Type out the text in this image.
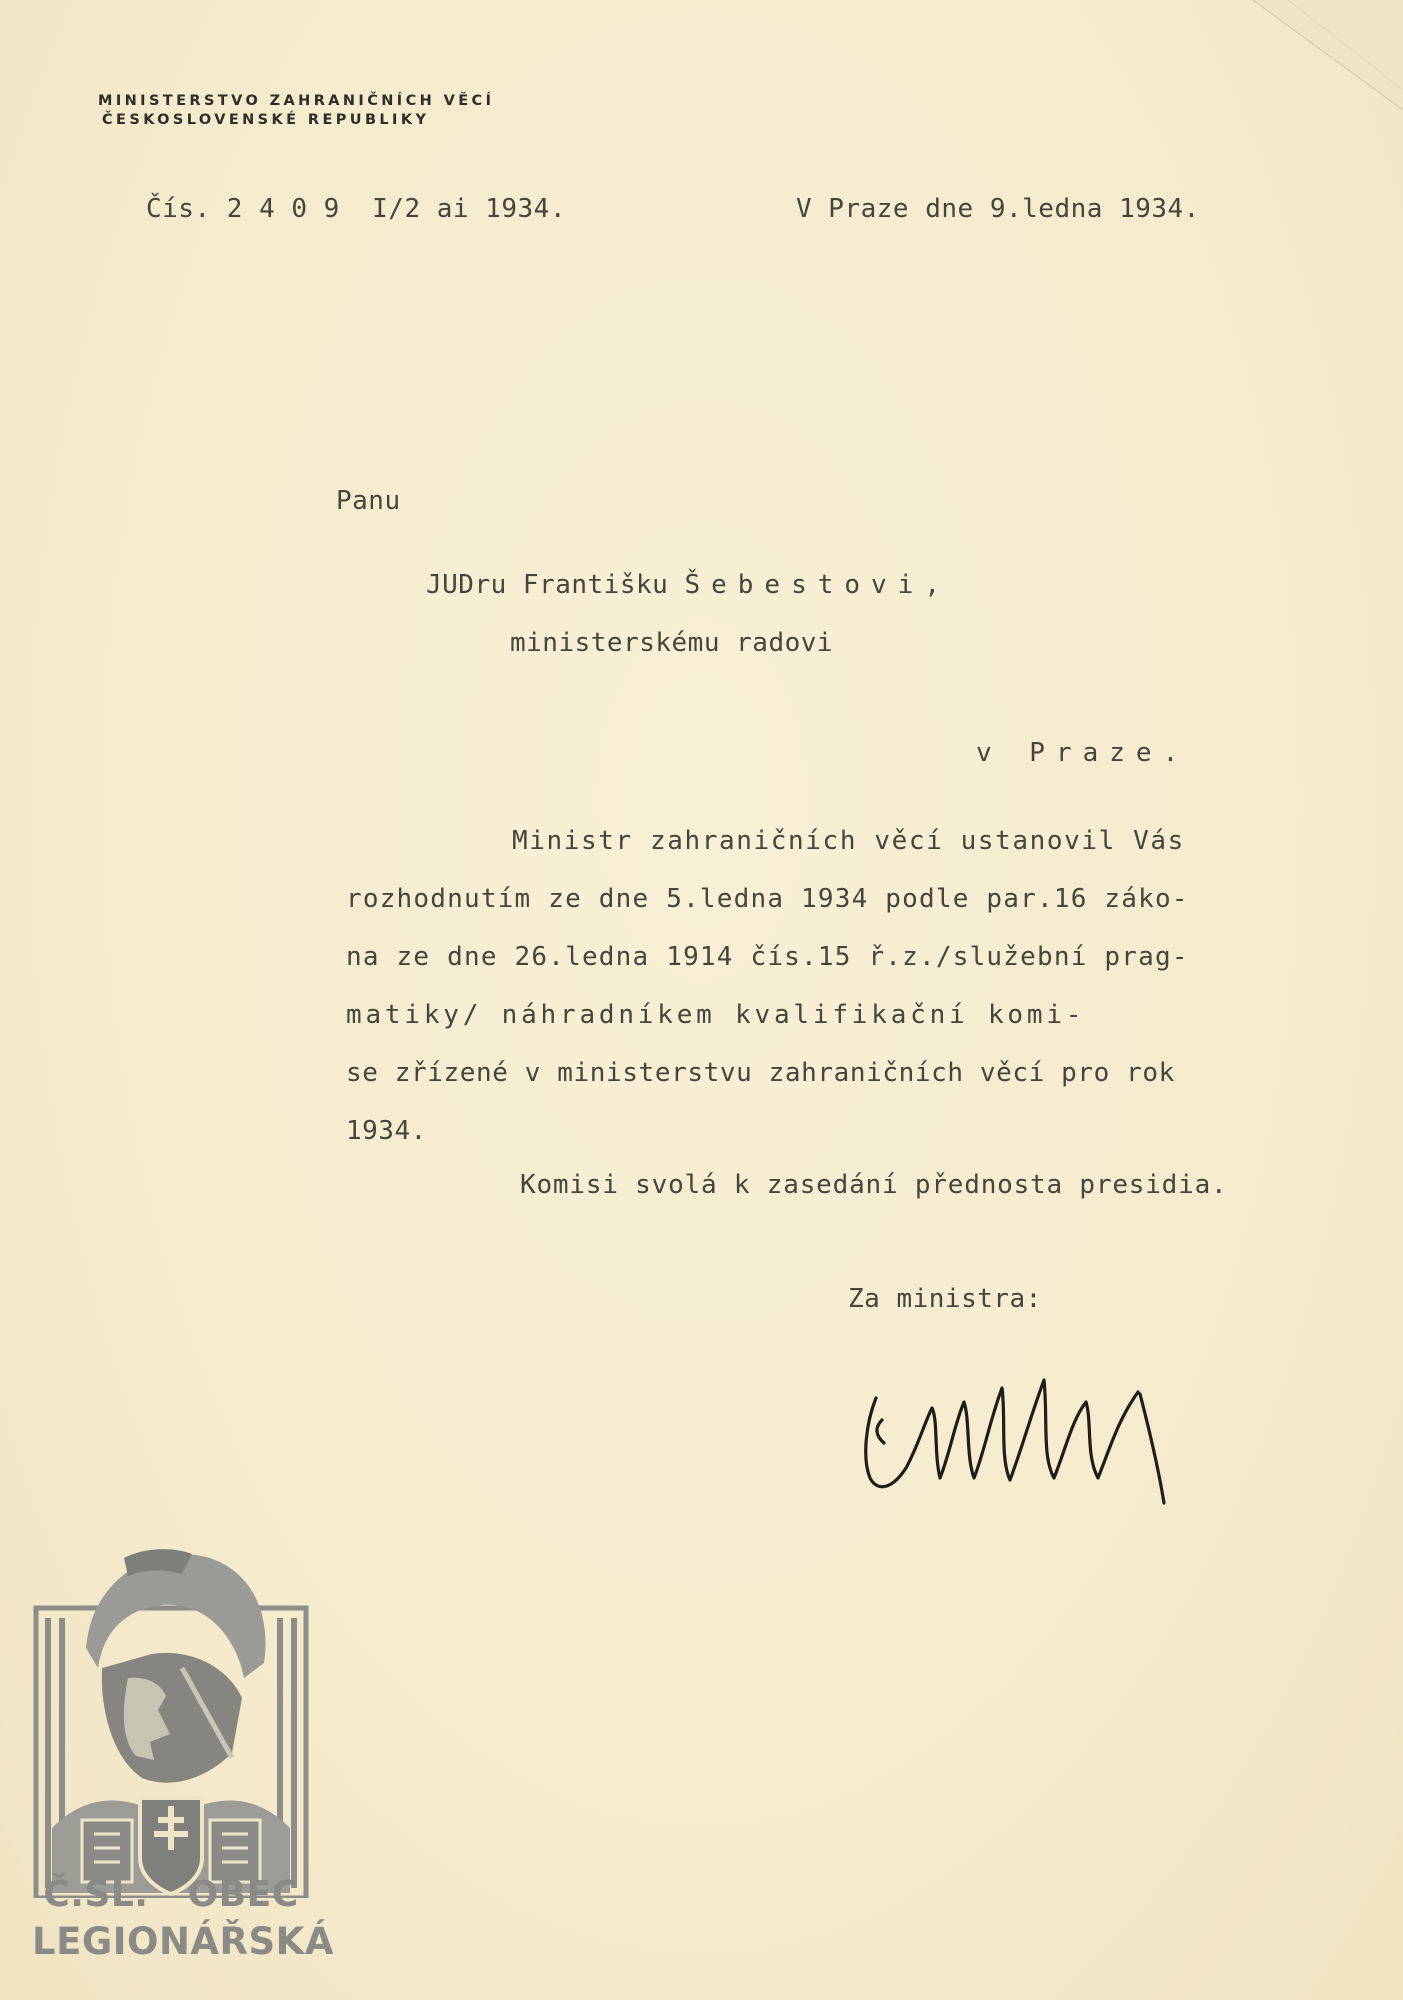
MINISTERSTVO ZAHRANIČNÍCH VĚCÍ
ČESKOSLOVENSKÉ REPUBLIKY
Čís. 2 4 0 9  I/2 ai 1934.	V Praze dne 9.ledna 1934.
Panu
JUDru Františku Šebestovi,
ministerskému radovi
v Praze.
Ministr zahraničních věcí ustanovil Vás
rozhodnutím ze dne 5.ledna 1934 podle par.16 záko-
na ze dne 26.ledna 1914 čís.15 ř.z./služební prag-
matiky/ náhradníkem kvalifikační komi-
se zřízené v ministerstvu zahraničních věcí pro rok
1934.
Komisi svolá k zasedání přednosta presidia.
Za ministra:
Č.SL.   OBEC
LEGIONÁŘSKÁ
